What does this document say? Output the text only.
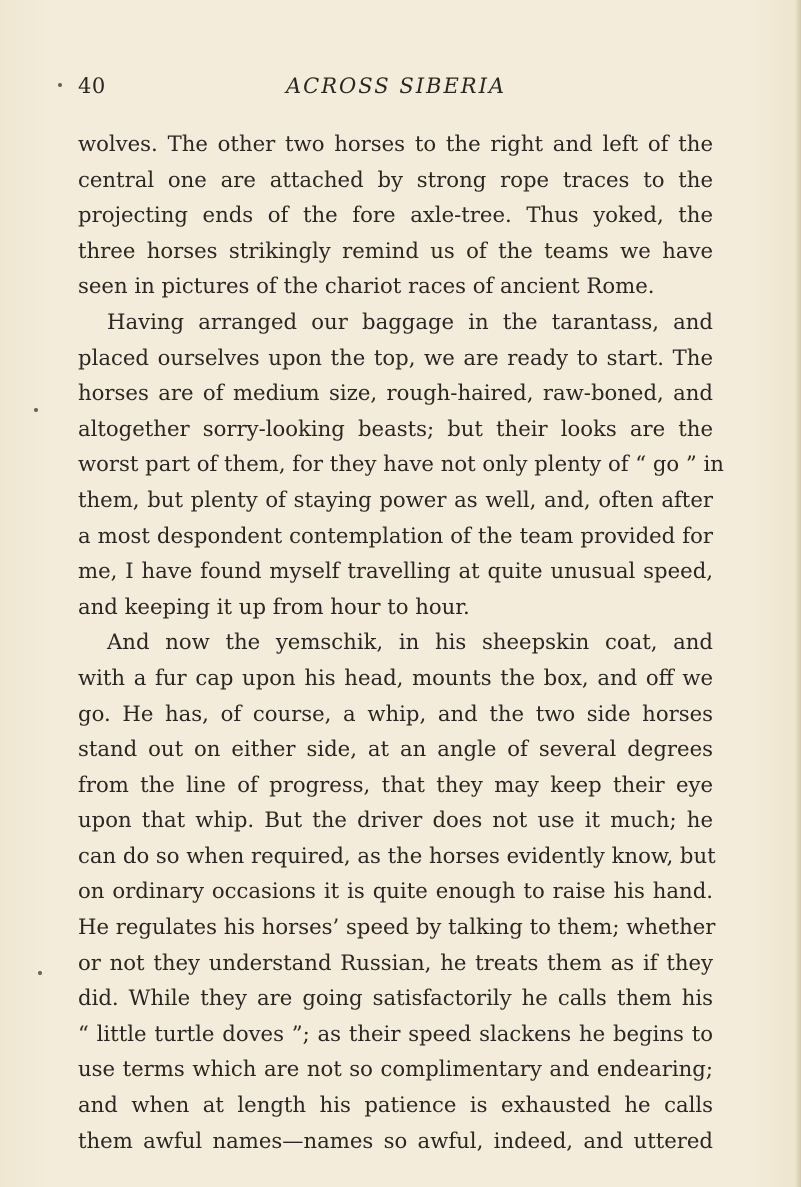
40	ACROSS SIBERIA
wolves. The other two horses to the right and left of the
central one are attached by strong rope traces to the
projecting ends of the fore axle-tree. Thus yoked, the
three horses strikingly remind us of the teams we have
seen in pictures of the chariot races of ancient Rome.
Having arranged our baggage in the tarantass, and
placed ourselves upon the top, we are ready to start. The
horses are of medium size, rough-haired, raw-boned, and
altogether sorry-looking beasts; but their looks are the
worst part of them, for they have not only plenty of “ go ” in
them, but plenty of staying power as well, and, often after
a most despondent contemplation of the team provided for
me, I have found myself travelling at quite unusual speed,
and keeping it up from hour to hour.
And now the yemschik, in his sheepskin coat, and
with a fur cap upon his head, mounts the box, and off we
go. He has, of course, a whip, and the two side horses
stand out on either side, at an angle of several degrees
from the line of progress, that they may keep their eye
upon that whip. But the driver does not use it much; he
can do so when required, as the horses evidently know, but
on ordinary occasions it is quite enough to raise his hand.
He regulates his horses’ speed by talking to them; whether
or not they understand Russian, he treats them as if they
did. While they are going satisfactorily he calls them his
“ little turtle doves ”; as their speed slackens he begins to
use terms which are not so complimentary and endearing;
and when at length his patience is exhausted he calls
them awful names—names so awful, indeed, and uttered
